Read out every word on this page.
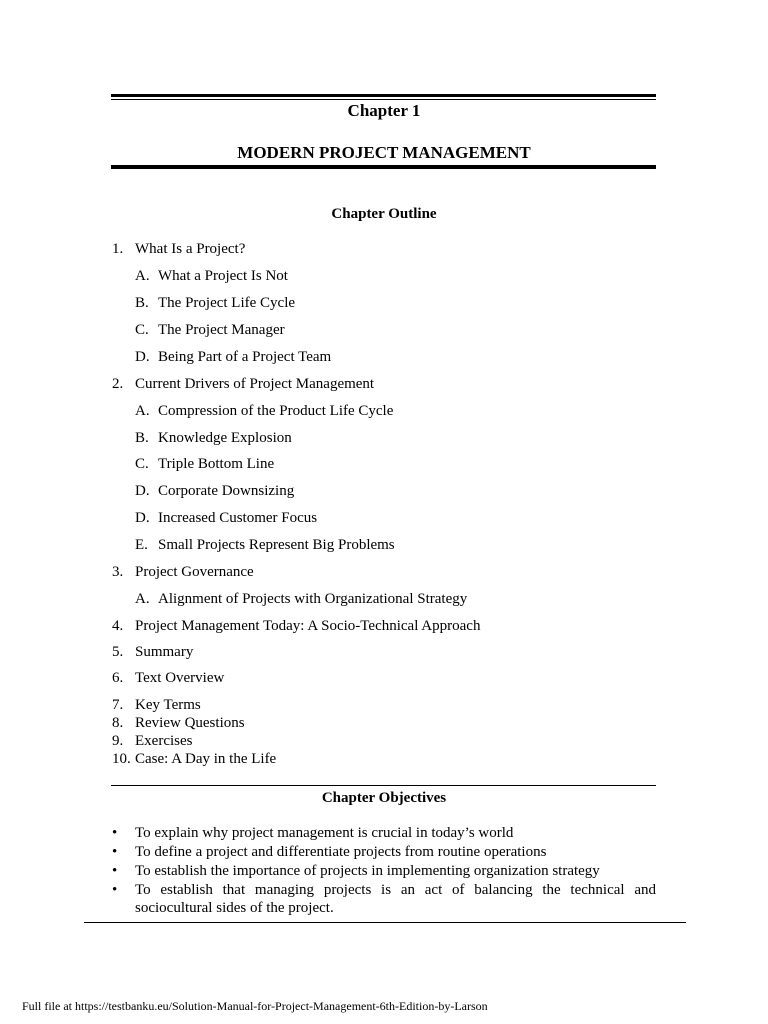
Chapter 1
MODERN PROJECT MANAGEMENT
Chapter Outline
1. What Is a Project?
A. What a Project Is Not
B. The Project Life Cycle
C. The Project Manager
D. Being Part of a Project Team
2. Current Drivers of Project Management
A. Compression of the Product Life Cycle
B. Knowledge Explosion
C. Triple Bottom Line
D. Corporate Downsizing
D. Increased Customer Focus
E. Small Projects Represent Big Problems
3. Project Governance
A. Alignment of Projects with Organizational Strategy
4. Project Management Today: A Socio-Technical Approach
5. Summary
6. Text Overview
7. Key Terms
8. Review Questions
9. Exercises
10. Case: A Day in the Life
Chapter Objectives
• To explain why project management is crucial in today’s world
• To define a project and differentiate projects from routine operations
• To establish the importance of projects in implementing organization strategy
• To establish that managing projects is an act of balancing the technical and
sociocultural sides of the project.
Full file at https://testbanku.eu/Solution-Manual-for-Project-Management-6th-Edition-by-Larson
